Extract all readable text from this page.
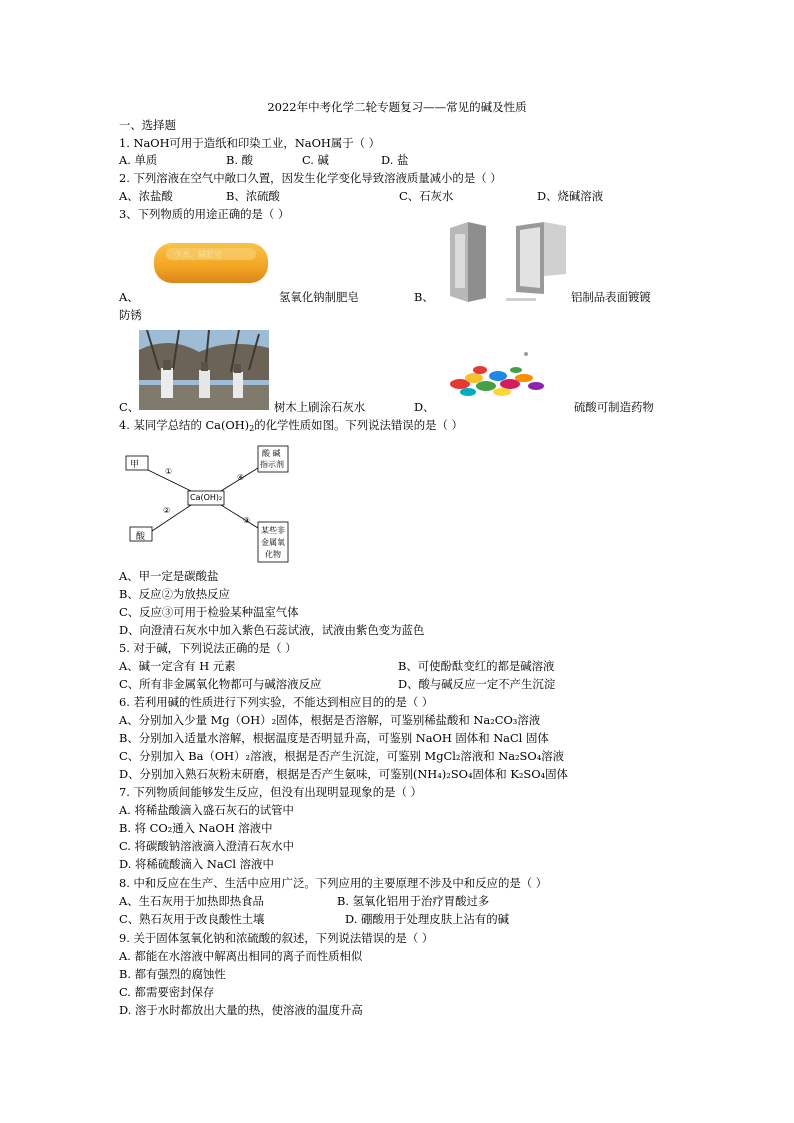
2022年中考化学二轮专题复习——常见的碱及性质
一、选择题
1. NaOH可用于造纸和印染工业，NaOH属于（ ）
A. 单质	B. 酸	C. 碱	D. 盐
2. 下列溶液在空气中敞口久置，因发生化学变化导致溶液质量减小的是（ ）
A、浓盐酸	B、浓硫酸	C、石灰水	D、烧碱溶液
3、下列物质的用途正确的是（ ）
少水、碱肥皂
A、	氢氧化钠制肥皂	B、	铝制品表面镀镀
防锈
C、	树木上刷涂石灰水	D、	硫酸可制造药物
4. 某同学总结的 $Ca(OH)_2$的化学性质如图。下列说法错误的是（ ）
甲
酸 碱
指示剂
Ca(OH)₂
酸
某些非
金属氧
化物
①
④
②
③
A、甲一定是碳酸盐
B、反应②为放热反应
C、反应③可用于检验某种温室气体
D、向澄清石灰水中加入紫色石蕊试液，试液由紫色变为蓝色
5. 对于碱，下列说法正确的是（ ）
A、碱一定含有 H 元素	B、可使酚酞变红的都是碱溶液
C、所有非金属氧化物都可与碱溶液反应	D、酸与碱反应一定不产生沉淀
6. 若利用碱的性质进行下列实验，不能达到相应目的的是（ ）
A、分别加入少量 Mg（OH）₂固体，根据是否溶解，可鉴别稀盐酸和 Na₂CO₃溶液
B、分别加入适量水溶解，根据温度是否明显升高，可鉴别 NaOH 固体和 NaCl 固体
C、分别加入 Ba（OH）₂溶液，根据是否产生沉淀，可鉴别 MgCl₂溶液和 Na₂SO₄溶液
D、分别加入熟石灰粉末研磨，根据是否产生氨味，可鉴别(NH₄)₂SO₄固体和 K₂SO₄固体
7. 下列物质间能够发生反应，但没有出现明显现象的是（ ）
A. 将稀盐酸滴入盛石灰石的试管中
B. 将 CO₂通入 NaOH 溶液中
C. 将碳酸钠溶液滴入澄清石灰水中
D. 将稀硫酸滴入 NaCl 溶液中
8. 中和反应在生产、生活中应用广泛。下列应用的主要原理不涉及中和反应的是（ ）
A、生石灰用于加热即热食品	B. 氢氧化铝用于治疗胃酸过多
C、熟石灰用于改良酸性土壤	D. 硼酸用于处理皮肤上沾有的碱
9. 关于固体氢氧化钠和浓硫酸的叙述，下列说法错误的是（ ）
A. 都能在水溶液中解离出相同的离子而性质相似
B. 都有强烈的腐蚀性
C. 都需要密封保存
D. 溶于水时都放出大量的热，使溶液的温度升高
